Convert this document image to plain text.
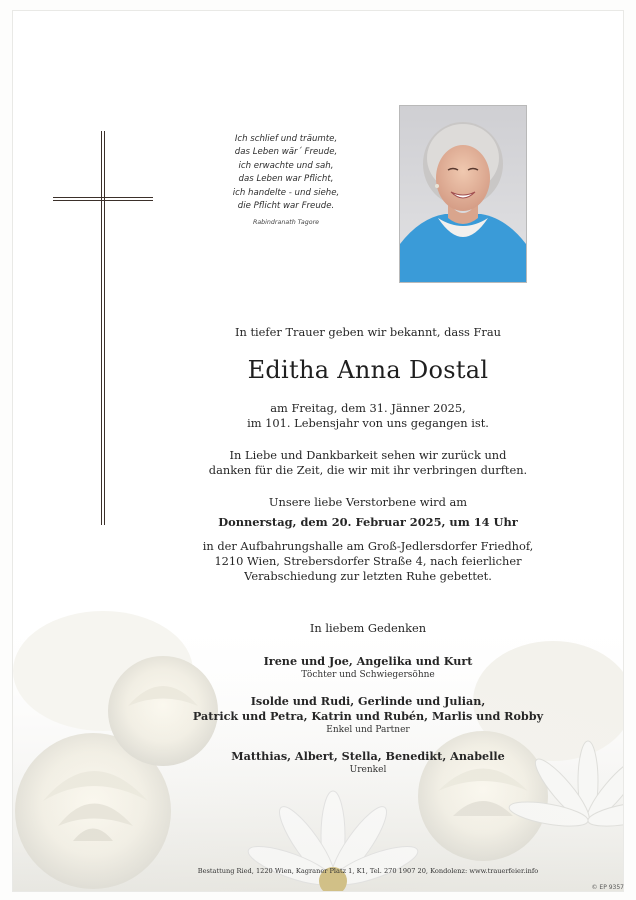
Ich schlief und träumte,
das Leben wär´ Freude,
ich erwachte und sah,
das Leben war Pflicht,
ich handelte - und siehe,
die Pflicht war Freude.
Rabindranath Tagore
In tiefer Trauer geben wir bekannt, dass Frau
Editha Anna Dostal
am Freitag, dem 31. Jänner 2025,
im 101. Lebensjahr von uns gegangen ist.
In Liebe und Dankbarkeit sehen wir zurück und
danken für die Zeit, die wir mit ihr verbringen durften.
Unsere liebe Verstorbene wird am
Donnerstag, dem 20. Februar 2025, um 14 Uhr
in der Aufbahrungshalle am Groß-Jedlersdorfer Friedhof,
1210 Wien, Strebersdorfer Straße 4, nach feierlicher
Verabschiedung zur letzten Ruhe gebettet.
In liebem Gedenken
Irene und Joe, Angelika und Kurt
Töchter und Schwiegersöhne
Isolde und Rudi, Gerlinde und Julian,
Patrick und Petra, Katrin und Rubén, Marlis und Robby
Enkel und Partner
Matthias, Albert, Stella, Benedikt, Anabelle
Urenkel
Bestattung Ried, 1220 Wien, Kagraner Platz 1, K1, Tel. 270 1907 20, Kondolenz: www.trauerfeier.info
© EP 9357
